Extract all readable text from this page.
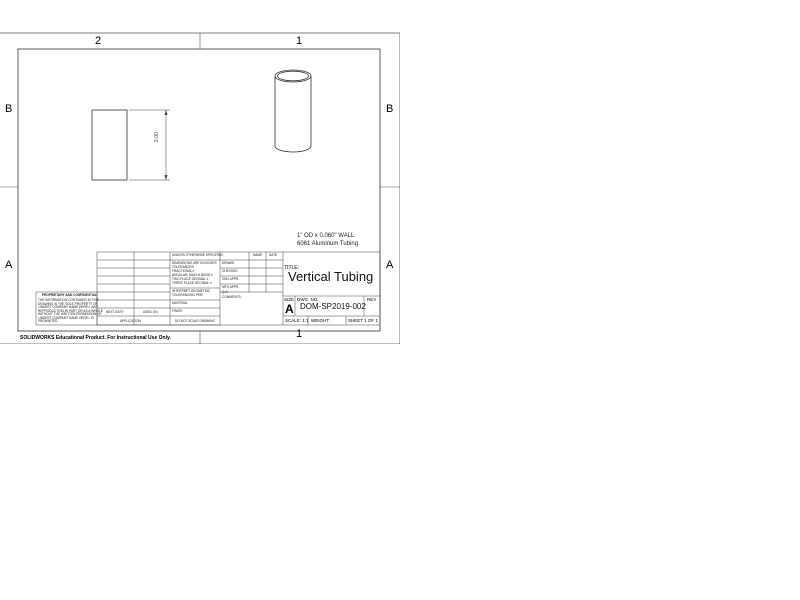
2	1
1
B	B
A	A
2.00
1" OD x 0.060" WALL
6061 Aluminum Tubing
UNLESS OTHERWISE SPECIFIED:
DIMENSIONS ARE IN INCHES
TOLERANCES:
FRACTIONAL±
ANGULAR: MACH± BEND ±
TWO PLACE DECIMAL ±
THREE PLACE DECIMAL ±
INTERPRET GEOMETRIC
TOLERANCING PER:
MATERIAL
FINISH
DO NOT SCALE DRAWING
NEXT ASSY	USED ON
APPLICATION
NAME DATE
DRAWN
CHECKED
ENG APPR.
MFG APPR.
Q.A.
COMMENTS:
TITLE:
Vertical Tubing
SIZE
A
DWG. NO.
DOM-SP2019-002
REV
SCALE: 1:1 WEIGHT:	SHEET 1 OF 1
PROPRIETARY AND CONFIDENTIAL
THE INFORMATION CONTAINED IN THIS
DRAWING IS THE SOLE PROPERTY OF
<INSERT COMPANY NAME HERE>. ANY
REPRODUCTION IN PART OR AS A WHOLE
WITHOUT THE WRITTEN PERMISSION OF
<INSERT COMPANY NAME HERE> IS
PROHIBITED.
SOLIDWORKS Educational Product. For Instructional Use Only.
